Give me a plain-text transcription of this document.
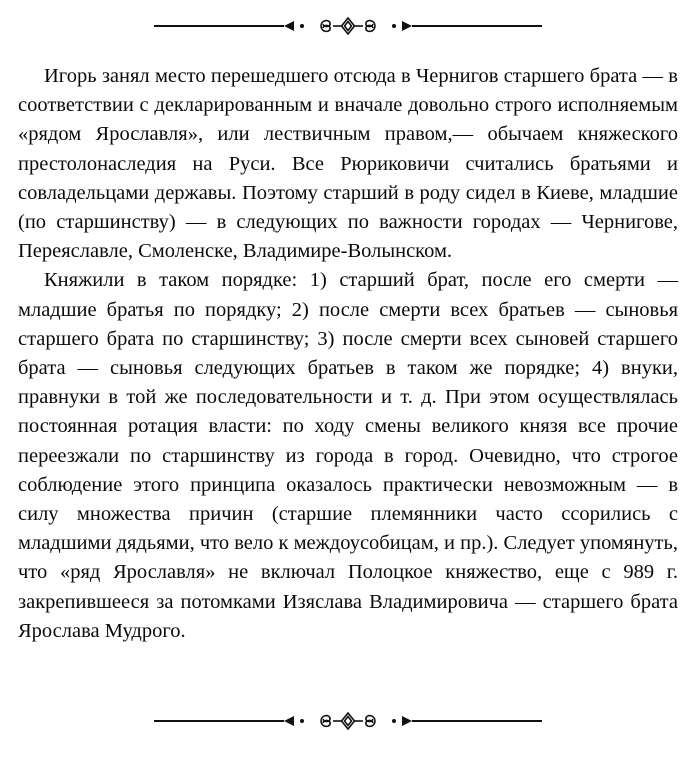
Игорь занял место перешедшего отсюда в Чернигов старшего брата — в соответствии с декларированным и вначале довольно строго исполняемым «рядом Ярославля», или лествичным правом,— обычаем княжеского престолонаследия на Руси. Все Рюриковичи считались братьями и совладельцами державы. Поэтому старший в роду сидел в Киеве, младшие (по старшинству) — в следующих по важности городах — Чернигове, Переяславле, Смоленске, Владимире-Волынском.

Княжили в таком порядке: 1) старший брат, после его смерти — младшие братья по порядку; 2) после смерти всех братьев — сыновья старшего брата по старшинству; 3) после смерти всех сыновей старшего брата — сыновья следующих братьев в таком же порядке; 4) внуки, правнуки в той же последовательности и т. д. При этом осуществлялась постоянная ротация власти: по ходу смены великого князя все прочие переезжали по старшинству из города в город. Очевидно, что строгое соблюдение этого принципа оказалось практически невозможным — в силу множества причин (старшие племянники часто ссорились с младшими дядьями, что вело к междоусобицам, и пр.). Следует упомянуть, что «ряд Ярославля» не включал Полоцкое княжество, еще с 989 г. закрепившееся за потомками Изяслава Владимировича — старшего брата Ярослава Мудрого.
